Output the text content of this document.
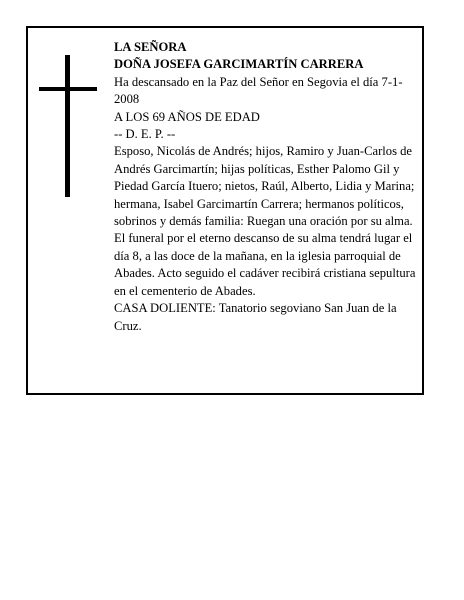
LA SEÑORA

DOÑA JOSEFA GARCIMARTÍN CARRERA

Ha descansado en la Paz del Señor en Segovia el día 7-1-2008

A LOS 69 AÑOS DE EDAD

-- D. E. P. --

Esposo, Nicolás de Andrés; hijos, Ramiro y Juan-Carlos de Andrés Garcimartín; hijas políticas, Esther Palomo Gil y Piedad García Ituero; nietos, Raúl, Alberto, Lidia y Marina; hermana, Isabel Garcimartín Carrera; hermanos políticos, sobrinos y demás familia: Ruegan una oración por su alma.

El funeral por el eterno descanso de su alma tendrá lugar el día 8, a las doce de la mañana, en la iglesia parroquial de Abades. Acto seguido el cadáver recibirá cristiana sepultura en el cementerio de Abades.

CASA DOLIENTE: Tanatorio segoviano San Juan de la Cruz.
